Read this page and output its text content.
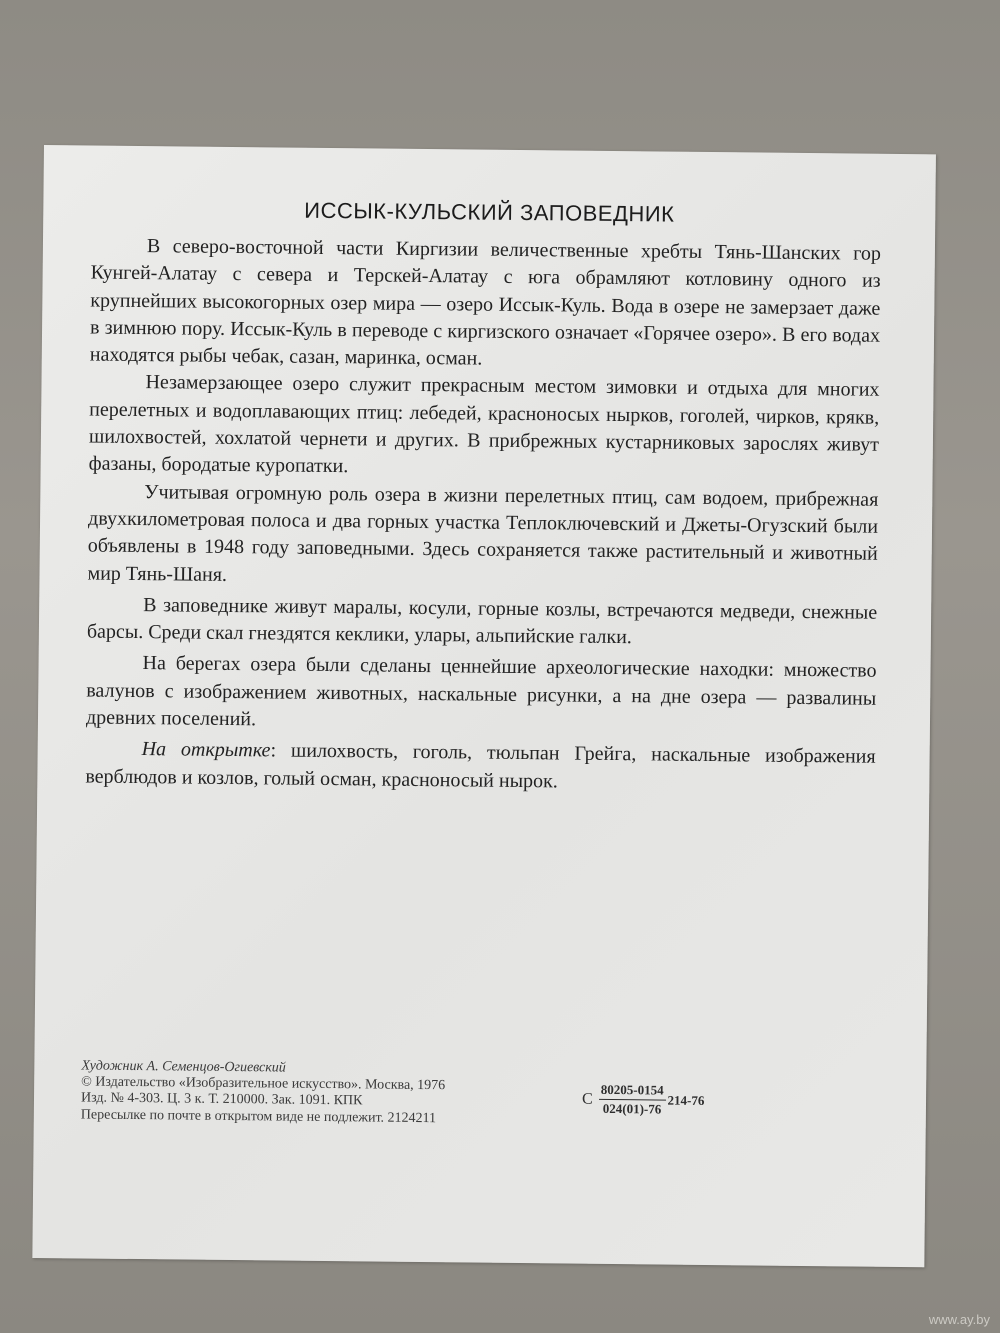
ИССЫК-КУЛЬСКИЙ ЗАПОВЕДНИК

В северо-восточной части Киргизии величественные хребты Тянь-Шанских гор Кунгей-Алатау с севера и Терскей-Алатау с юга обрамляют котловину одного из крупнейших высокогорных озер мира — озеро Иссык-Куль. Вода в озере не замерзает даже в зимнюю пору. Иссык-Куль в переводе с киргизского означает «Горячее озеро». В его водах находятся рыбы чебак, сазан, маринка, осман.

Незамерзающее озеро служит прекрасным местом зимовки и отдыха для многих перелетных и водоплавающих птиц: лебедей, красноносых нырков, гоголей, чирков, крякв, шилохвостей, хохлатой чернети и других. В прибрежных кустарниковых зарослях живут фазаны, бородатые куропатки.

Учитывая огромную роль озера в жизни перелетных птиц, сам водоем, прибрежная двухкилометровая полоса и два горных участка Теплоключевский и Джеты-Огузский были объявлены в 1948 году заповедными. Здесь сохраняется также растительный и животный мир Тянь-Шаня.

В заповеднике живут маралы, косули, горные козлы, встречаются медведи, снежные барсы. Среди скал гнездятся кеклики, улары, альпийские галки.

На берегах озера были сделаны ценнейшие археологические находки: множество валунов с изображением животных, наскальные рисунки, а на дне озера — развалины древних поселений.

На открытке: шилохвость, гоголь, тюльпан Грейга, наскальные изображения верблюдов и козлов, голый осман, красноносый нырок.

Художник А. Семенцов-Огиевский
© Издательство «Изобразительное искусство». Москва, 1976
Изд. № 4-303. Ц. 3 к. Т. 210000. Зак. 1091. КПК
Пересылке по почте в открытом виде не подлежит. 2124211
С $\frac{80205-0154}{024(01)-76} 214-76$
www.ay.by
